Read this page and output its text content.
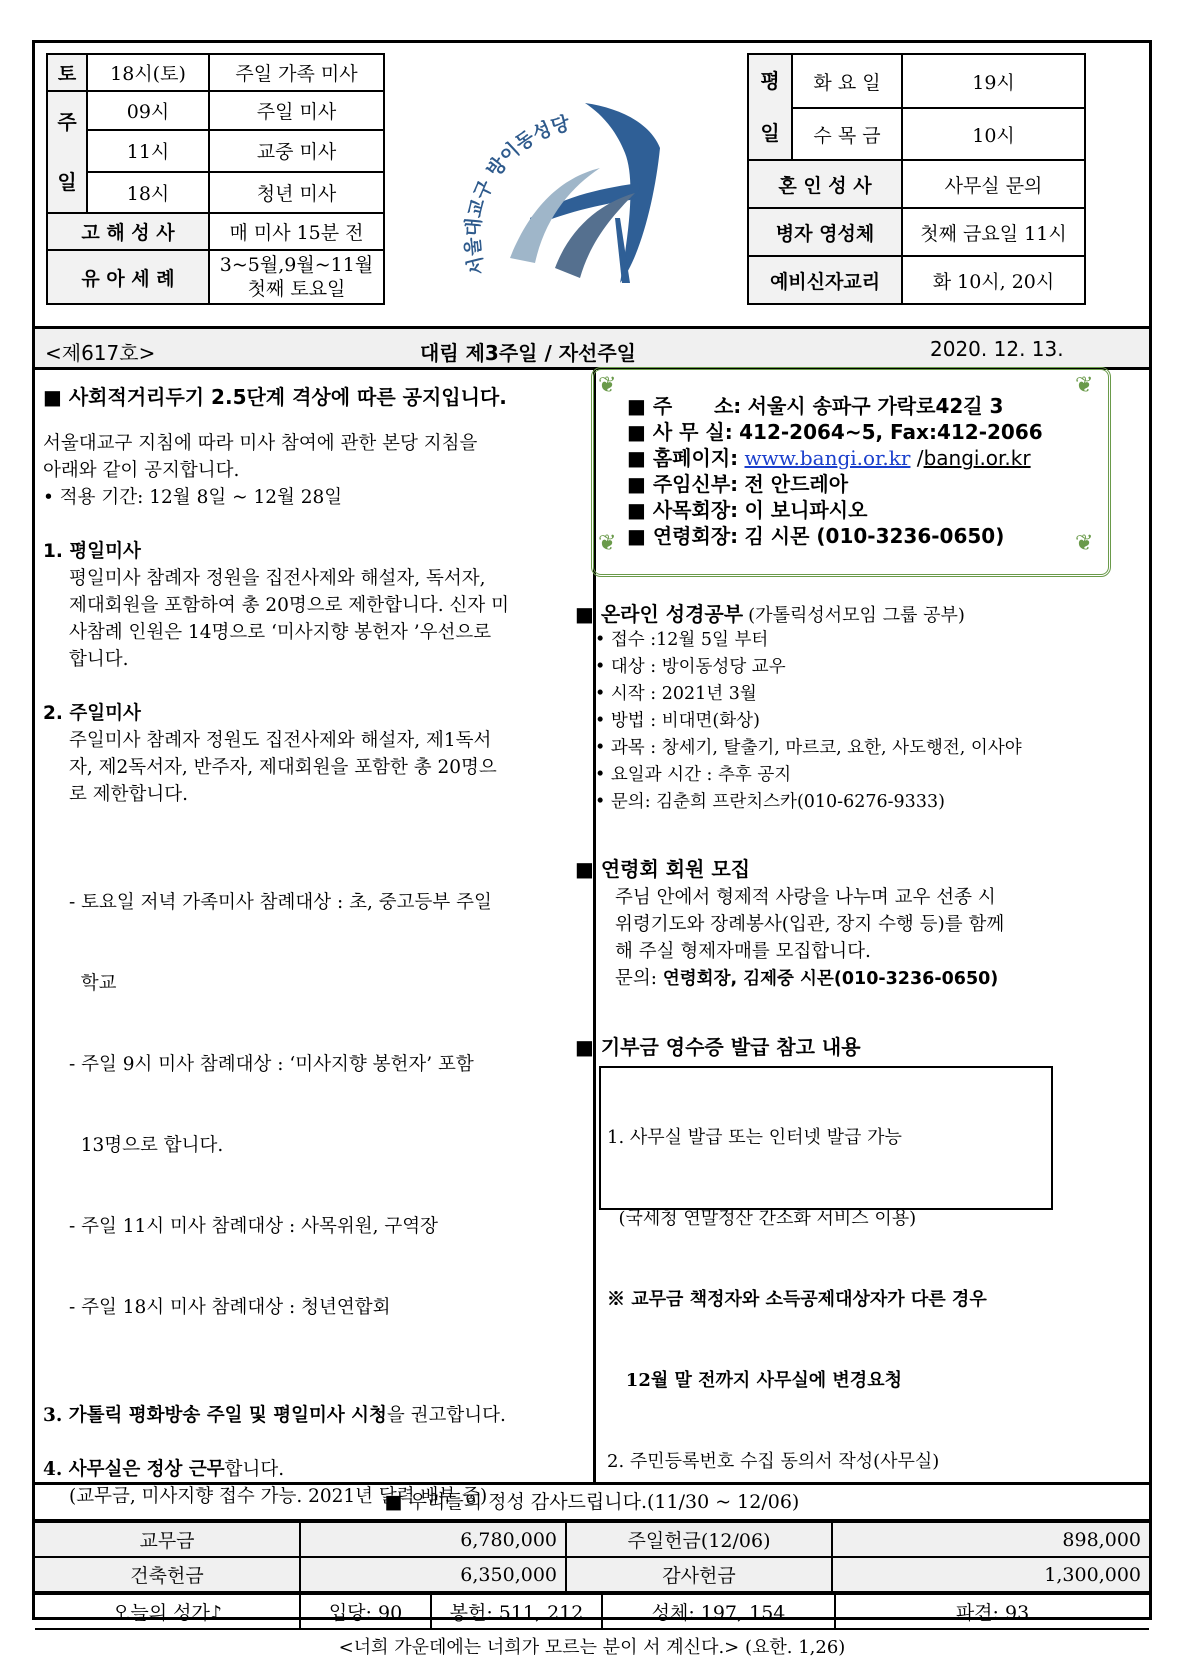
토	18시(토)	주일 가족 미사

주
일	09시	주일 미사
	11시	교중 미사
	18시	청년 미사
고 해 성 사		매 미사 15분 전
유 아 세 례		3~5월,9월~11월
첫째 토요일
서울대교구 방이동성당
평
일	화 요 일	19시
	수 목 금	10시
혼 인 성 사		사무실 문의
병자 영성체		첫째 금요일 11시
예비신자교리		화 10시, 20시
<제617호>	대림 제3주일 / 자선주일	2020. 12. 13.
■ 사회적거리두기 2.5단계 격상에 따른 공지입니다.
서울대교구 지침에 따라 미사 참여에 관한 본당 지침을
아래와 같이 공지합니다.
• 적용 기간: 12월 8일 ~ 12월 28일
1. 평일미사
평일미사 참례자 정원을 집전사제와 해설자, 독서자,
제대회원을 포함하여 총 20명으로 제한합니다. 신자 미
사참례 인원은 14명으로 ‘미사지향 봉헌자 ’우선으로
합니다.
2. 주일미사
주일미사 참례자 정원도 집전사제와 해설자, 제1독서
자, 제2독서자, 반주자, 제대회원을 포함한 총 20명으
로 제한합니다.

- 토요일 저녁 가족미사 참례대상 : 초, 중고등부 주일

학교

- 주일 9시 미사 참례대상 : ‘미사지향 봉헌자’ 포함

13명으로 합니다.

- 주일 11시 미사 참례대상 : 사목위원, 구역장

- 주일 18시 미사 참례대상 : 청년연합회

3. 가톨릭 평화방송 주일 및 평일미사 시청을 권고합니다.
4. 사무실은 정상 근무합니다.
(교무금, 미사지향 접수 가능. 2021년 달력 배부 중)
❦	❦
❦	❦
■ 주      소: 서울시 송파구 가락로42길 3
■ 사 무 실: 412-2064~5, Fax:412-2066
■ 홈페이지: www.bangi.or.kr /bangi.or.kr
■ 주임신부: 전 안드레아
■ 사목회장: 이 보니파시오
■ 연령회장: 김 시몬 (010-3236-0650)
■ 온라인 성경공부 (가톨릭성서모임 그룹 공부)
• 접수 :12월 5일 부터
• 대상 : 방이동성당 교우
• 시작 : 2021년 3월
• 방법 : 비대면(화상)
• 과목 : 창세기, 탈출기, 마르코, 요한, 사도행전, 이사야
• 요일과 시간 : 추후 공지
• 문의: 김춘희 프란치스카(010-6276-9333)
■ 연령회 회원 모집
주님 안에서 형제적 사랑을 나누며 교우 선종 시
위령기도와 장례봉사(입관, 장지 수행 등)를 함께
해 주실 형제자매를 모집합니다.
문의: 연령회장, 김제중 시몬(010-3236-0650)
■ 기부금 영수증 발급 참고 내용

1. 사무실 발급 또는 인터넷 발급 가능

(국세청 연말정산 간소화 서비스 이용)

※ 교무금 책정자와 소득공제대상자가 다른 경우

12월 말 전까지 사무실에 변경요청

2. 주민등록번호 수집 동의서 작성(사무실)

■ 우리들의 정성 감사드립니다.(11/30 ~ 12/06)
교무금	6,780,000	주일헌금(12/06)	898,000
건축헌금	6,350,000	감사헌금	1,300,000
오늘의 성가♪	입당: 90	봉헌: 511, 212	성체: 197, 154	파견: 93
<너희 가운데에는 너희가 모르는 분이 서 계신다.> (요한. 1,26)
